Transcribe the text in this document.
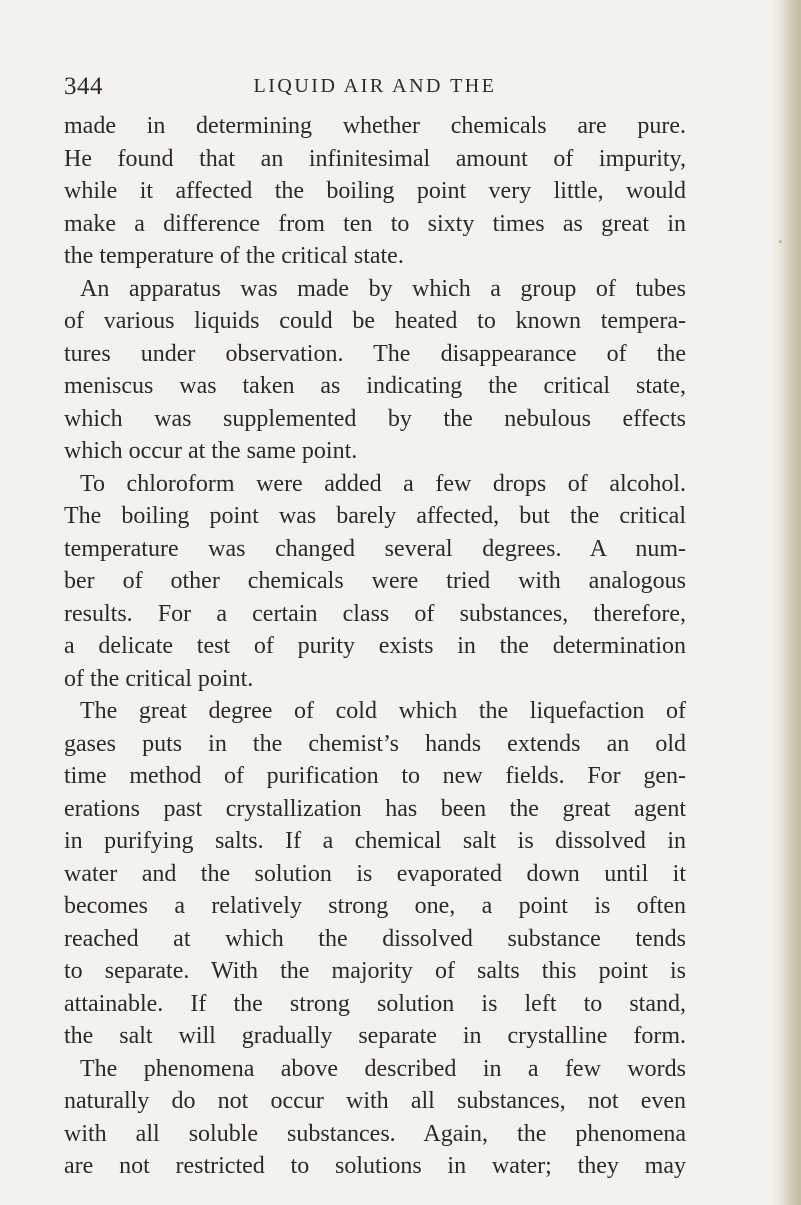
344	LIQUID AIR AND THE
made in determining whether chemicals are pure.
He found that an infinitesimal amount of impurity,
while it affected the boiling point very little, would
make a difference from ten to sixty times as great in
the temperature of the critical state.
An apparatus was made by which a group of tubes
of various liquids could be heated to known tempera-
tures under observation. The disappearance of the
meniscus was taken as indicating the critical state,
which was supplemented by the nebulous effects
which occur at the same point.
To chloroform were added a few drops of alcohol.
The boiling point was barely affected, but the critical
temperature was changed several degrees. A num-
ber of other chemicals were tried with analogous
results. For a certain class of substances, therefore,
a delicate test of purity exists in the determination
of the critical point.
The great degree of cold which the liquefaction of
gases puts in the chemist’s hands extends an old
time method of purification to new fields. For gen-
erations past crystallization has been the great agent
in purifying salts. If a chemical salt is dissolved in
water and the solution is evaporated down until it
becomes a relatively strong one, a point is often
reached at which the dissolved substance tends
to separate. With the majority of salts this point is
attainable. If the strong solution is left to stand,
the salt will gradually separate in crystalline form.
The phenomena above described in a few words
naturally do not occur with all substances, not even
with all soluble substances. Again, the phenomena
are not restricted to solutions in water; they may
